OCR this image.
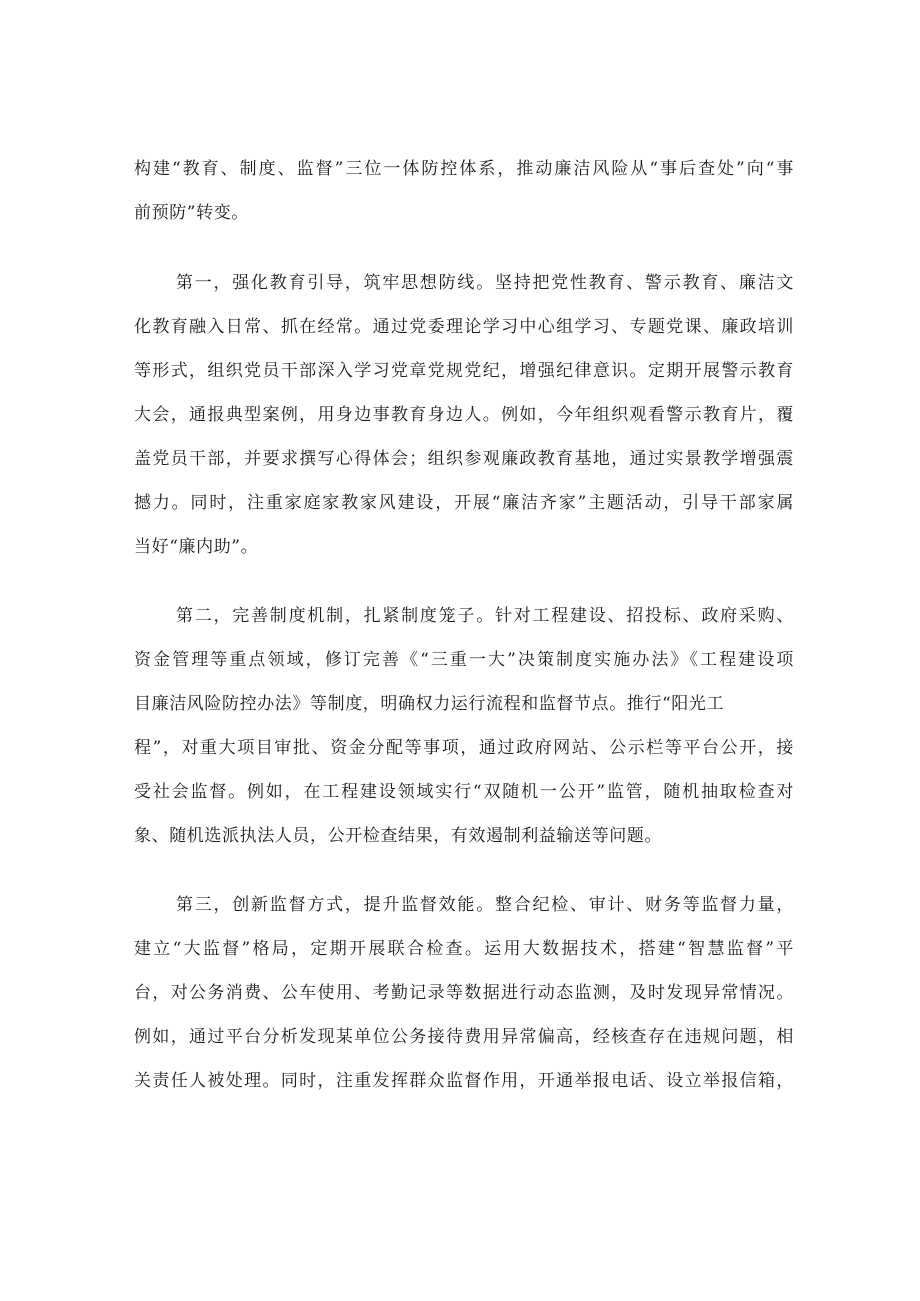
构建“教育、制度、监督”三位一体防控体系，推动廉洁风险从“事后查处”向“事
前预防”转变。
第一，强化教育引导，筑牢思想防线。坚持把党性教育、警示教育、廉洁文
化教育融入日常、抓在经常。通过党委理论学习中心组学习、专题党课、廉政培训
等形式，组织党员干部深入学习党章党规党纪，增强纪律意识。定期开展警示教育
大会，通报典型案例，用身边事教育身边人。例如，今年组织观看警示教育片，覆
盖党员干部，并要求撰写心得体会；组织参观廉政教育基地，通过实景教学增强震
撼力。同时，注重家庭家教家风建设，开展“廉洁齐家”主题活动，引导干部家属
当好“廉内助”。
第二，完善制度机制，扎紧制度笼子。针对工程建设、招投标、政府采购、
资金管理等重点领域，修订完善《“三重一大”决策制度实施办法》《工程建设项
目廉洁风险防控办法》等制度，明确权力运行流程和监督节点。推行“阳光工
程”，对重大项目审批、资金分配等事项，通过政府网站、公示栏等平台公开，接
受社会监督。例如，在工程建设领域实行“双随机一公开”监管，随机抽取检查对
象、随机选派执法人员，公开检查结果，有效遏制利益输送等问题。
第三，创新监督方式，提升监督效能。整合纪检、审计、财务等监督力量，
建立“大监督”格局，定期开展联合检查。运用大数据技术，搭建“智慧监督”平
台，对公务消费、公车使用、考勤记录等数据进行动态监测，及时发现异常情况。
例如，通过平台分析发现某单位公务接待费用异常偏高，经核查存在违规问题，相
关责任人被处理。同时，注重发挥群众监督作用，开通举报电话、设立举报信箱，
